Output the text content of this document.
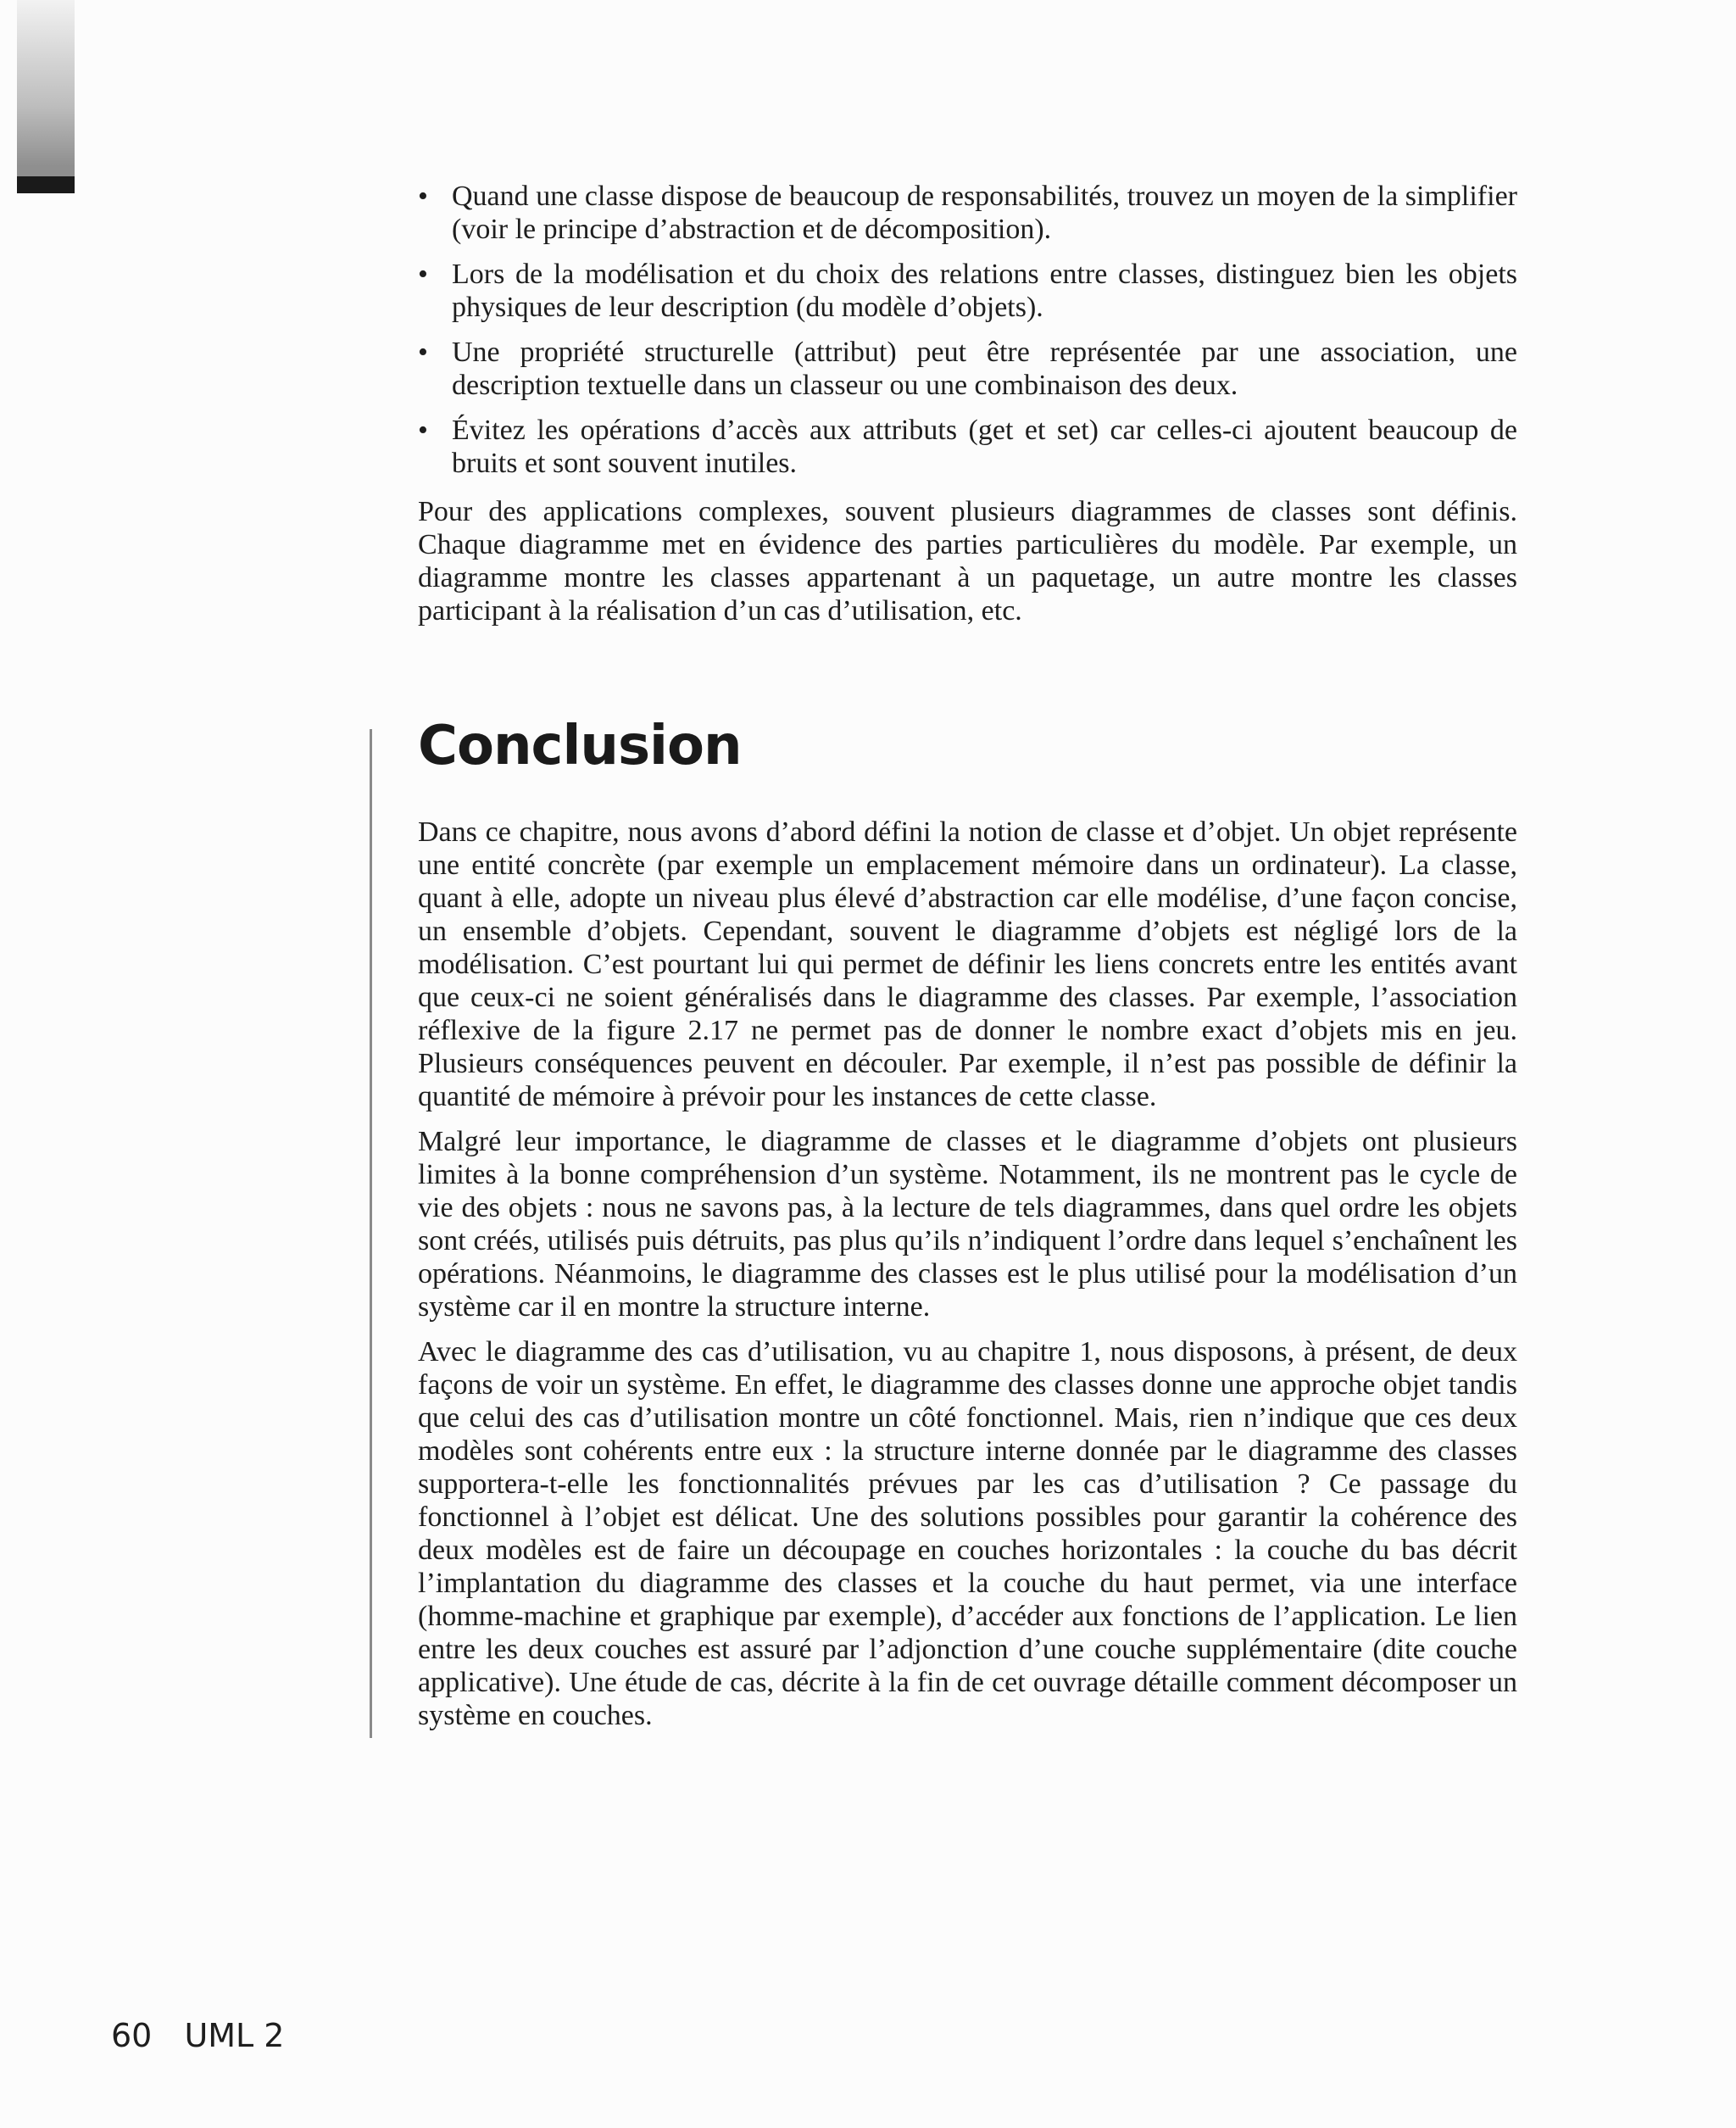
• Quand une classe dispose de beaucoup de responsabilités, trouvez un moyen de la simplifier (voir le principe d’abstraction et de décomposition).
• Lors de la modélisation et du choix des relations entre classes, distinguez bien les objets physiques de leur description (du modèle d’objets).
• Une propriété structurelle (attribut) peut être représentée par une association, une description textuelle dans un classeur ou une combinaison des deux.
• Évitez les opérations d’accès aux attributs (get et set) car celles-ci ajoutent beaucoup de bruits et sont souvent inutiles.

Pour des applications complexes, souvent plusieurs diagrammes de classes sont définis. Chaque diagramme met en évidence des parties particulières du modèle. Par exemple, un diagramme montre les classes appartenant à un paquetage, un autre montre les classes participant à la réalisation d’un cas d’utilisation, etc.

Conclusion

Dans ce chapitre, nous avons d’abord défini la notion de classe et d’objet. Un objet représente une entité concrète (par exemple un emplacement mémoire dans un ordinateur). La classe, quant à elle, adopte un niveau plus élevé d’abstraction car elle modélise, d’une façon concise, un ensemble d’objets. Cependant, souvent le diagramme d’objets est négligé lors de la modélisation. C’est pourtant lui qui permet de définir les liens concrets entre les entités avant que ceux-ci ne soient généralisés dans le diagramme des classes. Par exemple, l’association réflexive de la figure 2.17 ne permet pas de donner le nombre exact d’objets mis en jeu. Plusieurs conséquences peuvent en découler. Par exemple, il n’est pas possible de définir la quantité de mémoire à prévoir pour les instances de cette classe.

Malgré leur importance, le diagramme de classes et le diagramme d’objets ont plusieurs limites à la bonne compréhension d’un système. Notamment, ils ne montrent pas le cycle de vie des objets : nous ne savons pas, à la lecture de tels diagrammes, dans quel ordre les objets sont créés, utilisés puis détruits, pas plus qu’ils n’indiquent l’ordre dans lequel s’enchaînent les opérations. Néanmoins, le diagramme des classes est le plus utilisé pour la modélisation d’un système car il en montre la structure interne.

Avec le diagramme des cas d’utilisation, vu au chapitre 1, nous disposons, à présent, de deux façons de voir un système. En effet, le diagramme des classes donne une approche objet tandis que celui des cas d’utilisation montre un côté fonctionnel. Mais, rien n’indique que ces deux modèles sont cohérents entre eux : la structure interne donnée par le diagramme des classes supportera-t-elle les fonctionnalités prévues par les cas d’utilisation ? Ce passage du fonctionnel à l’objet est délicat. Une des solutions possibles pour garantir la cohérence des deux modèles est de faire un découpage en couches horizontales : la couche du bas décrit l’implantation du diagramme des classes et la couche du haut permet, via une interface (homme-machine et graphique par exemple), d’accéder aux fonctions de l’application. Le lien entre les deux couches est assuré par l’adjonction d’une couche supplémentaire (dite couche applicative). Une étude de cas, décrite à la fin de cet ouvrage détaille comment décomposer un système en couches.

60 UML 2
